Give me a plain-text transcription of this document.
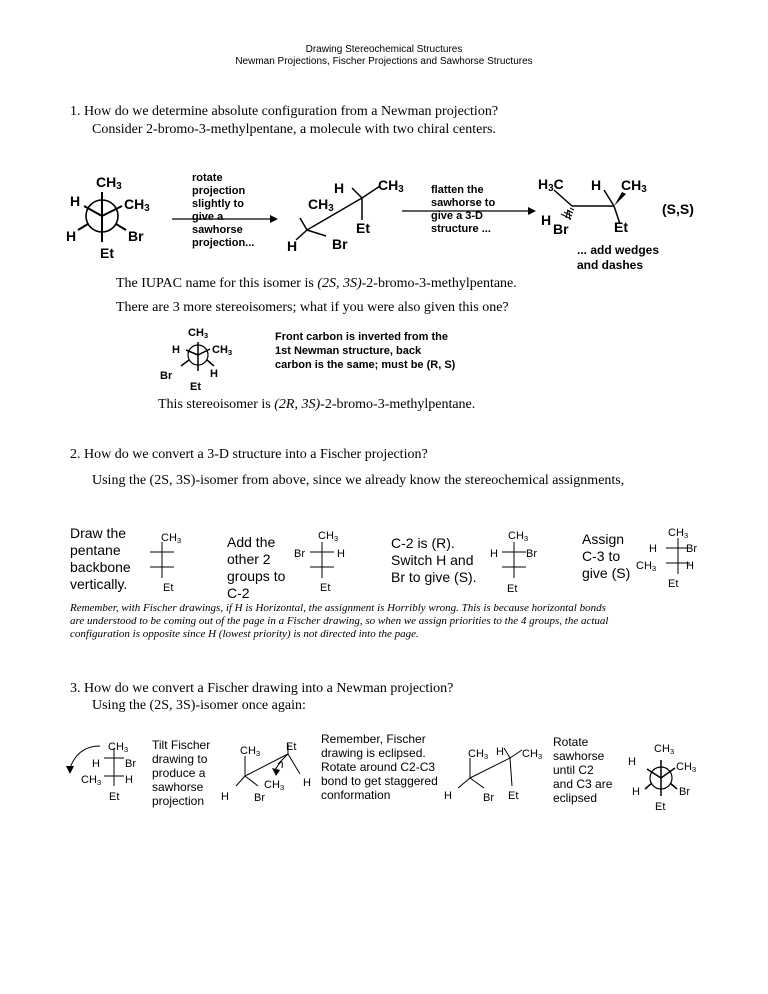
Drawing Stereochemical Structures
Newman Projections, Fischer Projections and Sawhorse Structures
1. How do we determine absolute configuration from a Newman projection?
Consider 2-bromo-3-methylpentane, a molecule with two chiral centers.
$CH_3$
H	$CH_3$
H	Br
Et
rotate
projection
slightly to
give a
sawhorse
projection...
H $CH_3$
$CH_3$
Et
H Br
flatten the
sawhorse to
give a 3-D
structure ...
$H_3C$ H $CH_3$
H
Br	Et
(S,S)
... add wedges
and dashes
The IUPAC name for this isomer is (2S, 3S)-2-bromo-3-methylpentane.
There are 3 more stereoisomers; what if you were also given this one?
$CH_3$
H	$CH_3$
Br	H
Et
Front carbon is inverted from the
1st Newman structure, back
carbon is the same; must be (R, S)
This stereoisomer is (2R, 3S)-2-bromo-3-methylpentane.
2. How do we convert a 3-D structure into a Fischer projection?
Using the (2S, 3S)-isomer from above, since we already know the stereochemical assignments,
Draw the
pentane
backbone
vertically.
$CH_3$
Et
Add the
other 2
groups to
C-2
$CH_3$
Br	H
Et
C-2 is (R).
Switch H and
Br to give (S).
$CH_3$
H	Br
Et
Assign
C-3 to
give (S)
$CH_3$
H	Br
$CH_3$	H
Et
Remember, with Fischer drawings, if H is Horizontal, the assignment is Horribly wrong. This is because horizontal bonds
are understood to be coming out of the page in a Fischer drawing, so when we assign priorities to the 4 groups, the actual
configuration is opposite since H (lowest priority) is not directed into the page.
3. How do we convert a Fischer drawing into a Newman projection?
Using the (2S, 3S)-isomer once again:
$CH_3$
H Br
$CH_3$ H
Et
Tilt Fischer
drawing to
produce a
sawhorse
projection
$CH_3$
Et
$CH_3$ H
H Br
Remember, Fischer
drawing is eclipsed.
Rotate around C2-C3
bond to get staggered
conformation
$CH_3$ H $CH_3$
H	Br Et
Rotate
sawhorse
until C2
and C3 are
eclipsed
$CH_3$
H	$CH_3$
H	Br
Et
